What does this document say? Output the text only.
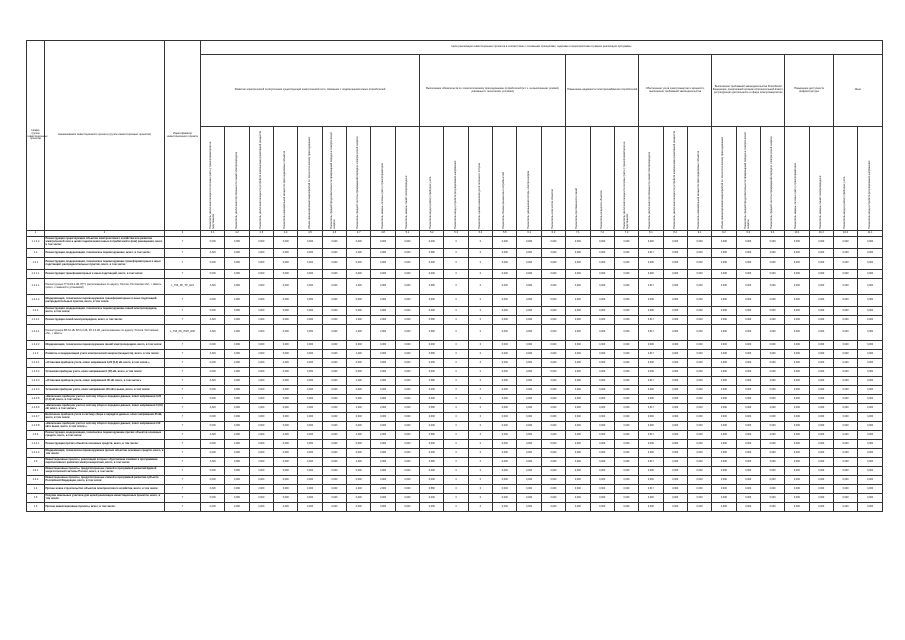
Номер группы инвестиционных проектов	Наименование инвестиционного проекта (группы инвестиционных проектов)	Идентификатор инвестиционного проекта	Цели реализации инвестиционных проектов в соответствии с основными принципами, задачами и мероприятиями в рамках реализации программы																											
			Развитие электрической сети/усиление существующей электрической сети, связанное с подключением новых потребителей									Выполнение обязательств по технологическому присоединению потребителей (в т.ч. на выполнение условий, указанных в технических условиях)						Повышение надежности электроснабжения потребителей			Обеспечение учета электроэнергии и мощности, выполнение требований законодательства			Выполнение требований законодательства Российской Федерации, предписаний органов исполнительной власти, регулирующих деятельность в сфере электроэнергетики			Повышение доступности инфраструктуры		Иное	

			Показатель увеличения мощности силовых (авто-) трансформаторов на подстанциях	Показатель увеличения протяженности линий электропередачи	Показатель увеличения мощности устройств компенсации реактивной мощности	Показатель максимальной мощности присоединяемых объектов	Объем финансирования мероприятий по технологическому присоединению	Показатель средней продолжительности прекращений передачи электрической энергии	Показатель средней частоты прекращений передачи электрической энергии	Показатель замены силовых (авто-) трансформаторов	Показатель замены линий электропередачи	Показатель ввода в работу приборов учета	Показатель ввода устройств регулирования напряжения	Показатель оценки изменения доли полезного отпуска	Показатель объема финансовых потребностей	Показатель уменьшения потерь электроэнергии	Показатель количества объектов	Показатель протяженности линий	Показатель мощности объектов	Показатель увеличения мощности силовых (авто-) трансформаторов на подстанциях	Показатель увеличения протяженности линий электропередачи	Показатель увеличения мощности устройств компенсации реактивной мощности	Показатель максимальной мощности присоединяемых объектов	Объем финансирования мероприятий по технологическому присоединению	Показатель средней продолжительности прекращений передачи электрической энергии	Показатель средней частоты прекращений передачи электрической энергии	Показатель замены силовых (авто-) трансформаторов	Показатель замены линий электропередачи	Показатель ввода в работу приборов учета	Показатель ввода устройств регулирования напряжения

1	2	3	4.1	4.2	4.3	4.4	4.5	4.6	4.7	4.8	5.1	5.2	5.3	5.4	5.5	6.1	6.2	7.1	7.2	7.3	8.1	8.2	9.1	9.2	9.3	9.4	10.1	10.2	10.3	11.1
1.1.4.2	Реконструкция существующих объектов электросетевого хозяйства или развитие электрической сети в целях подключения новых потребителей и (или) расширения, всего, в том числе:	Г	0,000	0,000	0,000	0,000	0,000	0,000	0,000	0,000	0,000	0,000	0	0	0,000	0,000	0,000	0,000	0,000	0,000	0,000	0,000	0,000	0,000	0,000	0,000	0,000	0,000	0,000	0,000
1.2	Реконструкция, модернизация, техническое перевооружение, всего, в том числе:	Г	3,320	0,000	2,000	0,000	0,000	0,000	4,200	2,900	0,000	0,580	0	0	0,000	0,000	2,000	0,000	0,000	0,000	0,617	0,000	0,000	0,000	0,000	2,000	0,000	0,000	0,000	0,000
1.2.1	Реконструкция, модернизация, техническое перевооружение трансформаторных и иных подстанций, распределительных пунктов, всего, в том числе:	Г	0,000	0,000	0,000	0,000	0,000	0,000	0,000	0,000	0,000	0,000	0	0	0,000	0,000	0,000	0,000	0,000	0,000	0,000	0,000	0,000	0,000	0,000	0,000	0,000	0,000	0,000	0,000
1.2.1.1	Реконструкция трансформаторных и иных подстанций, всего, в том числе:	Г	0,000	0,000	0,000	0,000	0,000	0,000	0,000	0,000	0,000	0,000	0	0	0,000	0,000	0,000	0,000	0,000	0,000	0,000	0,000	0,000	0,000	0,000	0,000	0,000	0,000	0,000	0,000
1.2.1.1	Реконструкция ТП 10/0,4 кВ, РТП, расположенных по адресу: Россия, Ростовская обл., г. Шахты (всего, с заменой и установкой)	L_Г06_РК_ТР_Н01	3,320	0,000	2,000	0,000	0,000	0,000	4,200	2,900	0,000	0,580	0	0	0,000	0,000	2,000	0,000	0,000	0,000	0,617	0,000	0,000	0,000	0,000	2,000	0,000	0,000	0,000	0,000
1.2.1.2	Модернизация, техническое перевооружение трансформаторных и иных подстанций, распределительных пунктов, всего, в том числе:	Г	0,000	0,000	0,000	0,000	0,000	0,000	0,000	0,000	0,000	0,000	0	0	0,000	0,000	0,000	0,000	0,000	0,000	0,000	0,000	0,000	0,000	0,000	0,000	0,000	0,000	0,000	0,000
1.2.2	Реконструкция, модернизация, техническое перевооружение линий электропередачи, всего, в том числе:	Г	0,000	0,000	0,000	0,000	0,000	0,000	0,000	0,000	0,000	0,000	0	0	0,000	0,000	0,000	0,000	0,000	0,000	0,000	0,000	0,000	0,000	0,000	0,000	0,000	0,000	0,000	0,000
1.2.2.1	Реконструкция линий электропередачи, всего, в том числе:	Г	3,320	0,000	2,000	0,000	0,000	0,000	4,200	2,900	0,000	0,580	0	0	0,000	0,000	2,000	0,000	0,000	0,000	0,617	0,000	0,000	0,000	0,000	2,000	0,000	0,000	0,000	0,000
1.2.2.1	Реконструкция ВЛ 10 кВ, ВЛ 0,4 кВ, КЛ 0,4 кВ, расположенных по адресу: Россия, Ростовская обл., г. Шахты	L_Г06_РК_ЛЭП_Н02	3,320	0,000	2,000	0,000	0,000	0,000	4,200	2,900	0,000	0,580	0	0	0,000	0,000	2,000	0,000	0,000	0,000	0,617	0,000	0,000	0,000	0,000	2,000	0,000	0,000	0,000	0,000
1.2.2.2	Модернизация, техническое перевооружение линий электропередачи, всего, в том числе:	Г	0,000	0,000	0,000	0,000	0,000	0,000	0,000	0,000	0,000	0,000	0	0	0,000	0,000	0,000	0,000	0,000	0,000	0,000	0,000	0,000	0,000	0,000	0,000	0,000	0,000	0,000	0,000
1.2.3	Развитие и модернизация учета электрической энергии (мощности), всего, в том числе:	Г	3,320	0,000	2,000	0,000	0,000	0,000	4,200	2,900	0,000	0,580	0	0	0,000	0,000	2,000	0,000	0,000	0,000	0,617	0,000	0,000	0,000	0,000	2,000	0,000	0,000	0,000	0,000
1.2.3.1	«Установка приборов учета, класс напряжения 0,22 (0,4) кВ, всего, в том числе:»	Г	0,000	0,000	0,000	0,000	0,000	0,000	0,000	0,000	0,000	0,000	0	0	0,000	0,000	0,000	0,000	0,000	0,000	0,000	0,000	0,000	0,000	0,000	0,000	0,000	0,000	0,000	0,000
1.2.3.2	Установка приборов учета, класс напряжения 6 (10) кВ, всего, в том числе:	Г	0,000	0,000	0,000	0,000	0,000	0,000	0,000	0,000	0,000	0,000	0	0	0,000	0,000	0,000	0,000	0,000	0,000	0,000	0,000	0,000	0,000	0,000	0,000	0,000	0,000	0,000	0,000
1.2.3.3	«Установка приборов учета, класс напряжения 35 кВ, всего, в том числе:»	Г	3,320	0,000	2,000	0,000	0,000	0,000	4,200	2,900	0,000	0,580	0	0	0,000	0,000	2,000	0,000	0,000	0,000	0,617	0,000	0,000	0,000	0,000	2,000	0,000	0,000	0,000	0,000
1.2.3.4	Установка приборов учета, класс напряжения 110 кВ и выше, всего, в том числе:	Г	0,000	0,000	0,000	0,000	0,000	0,000	0,000	0,000	0,000	0,000	0	0	0,000	0,000	0,000	0,000	0,000	0,000	0,000	0,000	0,000	0,000	0,000	0,000	0,000	0,000	0,000	0,000
1.2.3.5	«Включение приборов учета в систему сбора и передачи данных, класс напряжения 0,22 (0,4) кВ, всего, в том числе:»	Г	0,000	0,000	0,000	0,000	0,000	0,000	0,000	0,000	0,000	0,000	0	0	0,000	0,000	0,000	0,000	0,000	0,000	0,000	0,000	0,000	0,000	0,000	0,000	0,000	0,000	0,000	0,000
1.2.3.6	«Включение приборов учета в систему сбора и передачи данных, класс напряжения 6 (10) кВ, всего, в том числе:»	Г	3,320	0,000	2,000	0,000	0,000	0,000	4,200	2,900	0,000	0,580	0	0	0,000	0,000	2,000	0,000	0,000	0,000	0,617	0,000	0,000	0,000	0,000	2,000	0,000	0,000	0,000	0,000
1.2.3.7	Включение приборов учета в систему сбора и передачи данных, класс напряжения 35 кВ, всего, в том числе:	Г	0,000	0,000	0,000	0,000	0,000	0,000	0,000	0,000	0,000	0,000	0	0	0,000	0,000	0,000	0,000	0,000	0,000	0,000	0,000	0,000	0,000	0,000	0,000	0,000	0,000	0,000	0,000
1.2.3.8	«Включение приборов учета в систему сбора и передачи данных, класс напряжения 110 кВ и выше, всего, в том числе:»	Г	0,000	0,000	0,000	0,000	0,000	0,000	0,000	0,000	0,000	0,000	0	0	0,000	0,000	0,000	0,000	0,000	0,000	0,000	0,000	0,000	0,000	0,000	0,000	0,000	0,000	0,000	0,000
1.2.4	Реконструкция, модернизация, техническое перевооружение прочих объектов основных средств, всего, в том числе:	Г	3,320	0,000	2,000	0,000	0,000	0,000	4,200	2,900	0,000	0,580	0	0	0,000	0,000	2,000	0,000	0,000	0,000	0,617	0,000	0,000	0,000	0,000	2,000	0,000	0,000	0,000	0,000
1.2.4.1	Реконструкция прочих объектов основных средств, всего, в том числе:	Г	0,000	0,000	0,000	0,000	0,000	0,000	0,000	0,000	0,000	0,000	0	0	0,000	0,000	0,000	0,000	0,000	0,000	0,000	0,000	0,000	0,000	0,000	0,000	0,000	0,000	0,000	0,000
1.2.4.2	Модернизация, техническое перевооружение прочих объектов основных средств, всего, в том числе:	Г	0,000	0,000	0,000	0,000	0,000	0,000	0,000	0,000	0,000	0,000	0	0	0,000	0,000	0,000	0,000	0,000	0,000	0,000	0,000	0,000	0,000	0,000	0,000	0,000	0,000	0,000	0,000
1.3	Инвестиционные проекты, реализация которых обусловлена схемами и программами перспективного развития электроэнергетики, всего, в том числе:	Г	3,320	0,000	2,000	0,000	0,000	0,000	4,200	2,900	0,000	0,580	0	0	0,000	0,000	2,000	0,000	0,000	0,000	0,617	0,000	0,000	0,000	0,000	2,000	0,000	0,000	0,000	0,000
1.3.1	Инвестиционные проекты, предусмотренные схемой и программой развития Единой энергетической системы России, всего, в том числе:	Г	0,000	0,000	0,000	0,000	0,000	0,000	0,000	0,000	0,000	0,000	0	0	0,000	0,000	0,000	0,000	0,000	0,000	0,000	0,000	0,000	0,000	0,000	0,000	0,000	0,000	0,000	0,000
1.3.2	Инвестиционные проекты, предусмотренные схемой и программой развития субъекта Российской Федерации, всего, в том числе:	Г	0,000	0,000	0,000	0,000	0,000	0,000	0,000	0,000	0,000	0,000	0	0	0,000	0,000	0,000	0,000	0,000	0,000	0,000	0,000	0,000	0,000	0,000	0,000	0,000	0,000	0,000	0,000
1.4	Прочее новое строительство объектов электросетевого хозяйства, всего, в том числе:	Г	3,320	0,000	2,000	0,000	0,000	0,000	4,200	2,900	0,000	0,580	0	0	0,000	0,000	2,000	0,000	0,000	0,000	0,617	0,000	0,000	0,000	0,000	2,000	0,000	0,000	0,000	0,000
1.5	Покупка земельных участков для целей реализации инвестиционных проектов, всего, в том числе:	Г	0,000	0,000	0,000	0,000	0,000	0,000	0,000	0,000	0,000	0,000	0	0	0,000	0,000	0,000	0,000	0,000	0,000	0,000	0,000	0,000	0,000	0,000	0,000	0,000	0,000	0,000	0,000
1.6	Прочие инвестиционные проекты, всего, в том числе:	Г	0,000	0,000	0,000	0,000	0,000	0,000	0,000	0,000	0,000	0,000	0	0	0,000	0,000	0,000	0,000	0,000	0,000	0,000	0,000	0,000	0,000	0,000	0,000	0,000	0,000	0,000	0,000
